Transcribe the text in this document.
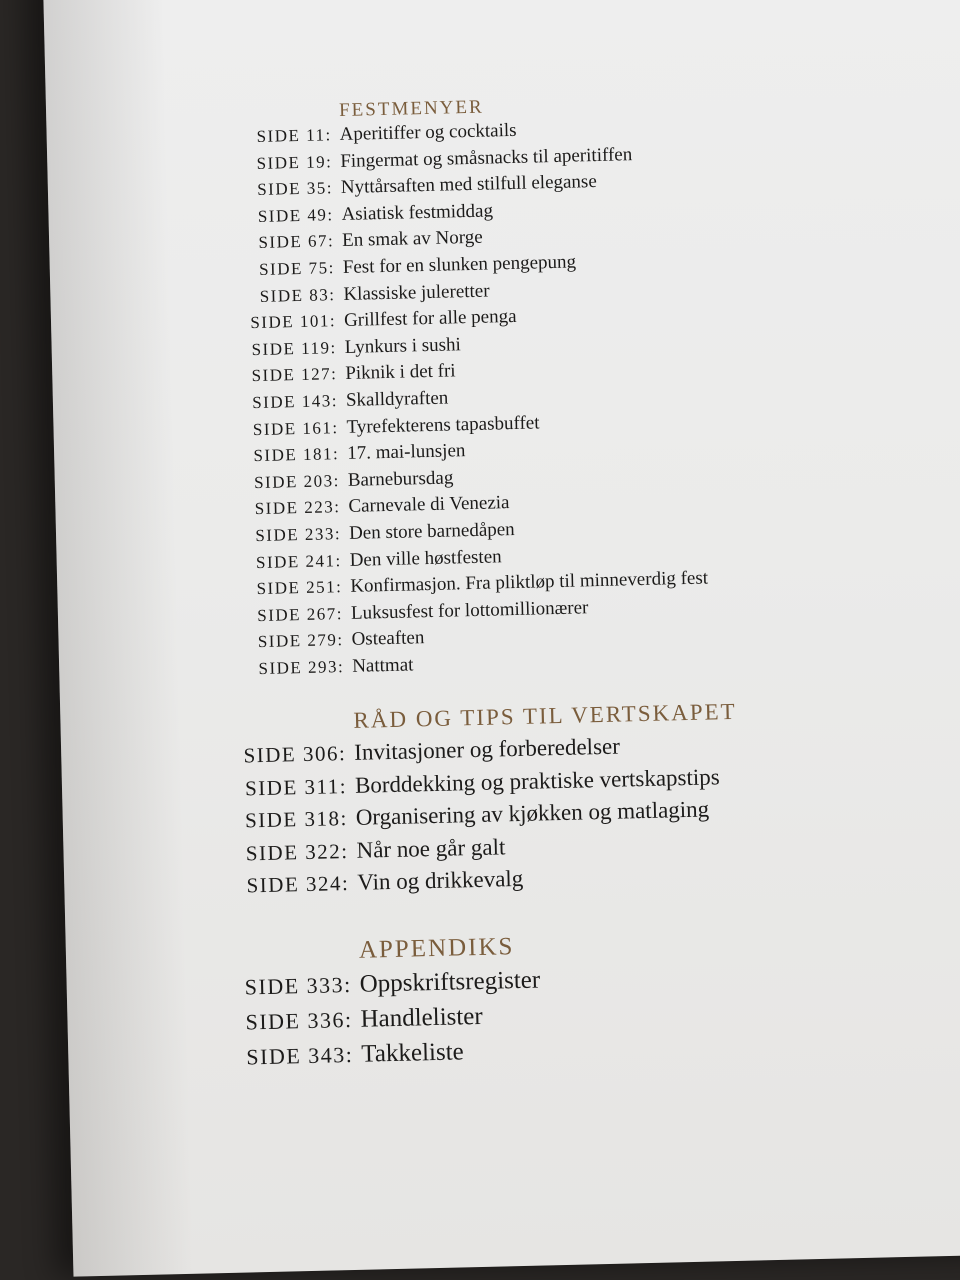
FESTMENYER
SIDE 11: Aperitiffer og cocktails
SIDE 19: Fingermat og småsnacks til aperitiffen
SIDE 35: Nyttårsaften med stilfull eleganse
SIDE 49: Asiatisk festmiddag
SIDE 67: En smak av Norge
SIDE 75: Fest for en slunken pengepung
SIDE 83: Klassiske juleretter
SIDE 101: Grillfest for alle penga
SIDE 119: Lynkurs i sushi
SIDE 127: Piknik i det fri
SIDE 143: Skalldyraften
SIDE 161: Tyrefekterens tapasbuffet
SIDE 181: 17. mai-lunsjen
SIDE 203: Barnebursdag
SIDE 223: Carnevale di Venezia
SIDE 233: Den store barnedåpen
SIDE 241: Den ville høstfesten
SIDE 251: Konfirmasjon. Fra pliktløp til minneverdig fest
SIDE 267: Luksusfest for lottomillionærer
SIDE 279: Osteaften
SIDE 293: Nattmat
RÅD OG TIPS TIL VERTSKAPET
SIDE 306: Invitasjoner og forberedelser
SIDE 311: Borddekking og praktiske vertskapstips
SIDE 318: Organisering av kjøkken og matlaging
SIDE 322: Når noe går galt
SIDE 324: Vin og drikkevalg
APPENDIKS
SIDE 333: Oppskriftsregister
SIDE 336: Handlelister
SIDE 343: Takkeliste
